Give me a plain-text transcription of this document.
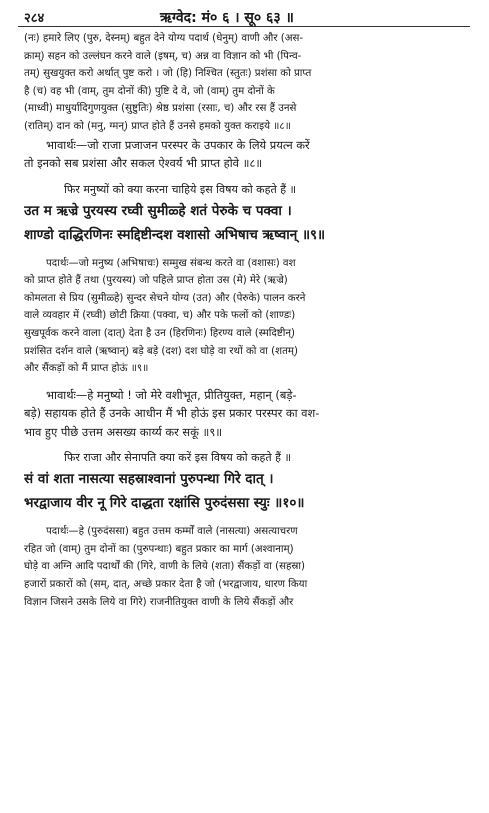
२८४	ऋग्वेद: मं० ६ । सू० ६३ ॥
(नः) हमारे लिए (पुरु, देस्नम्) बहुत देने योग्य पदार्थ (धेनुम्) वाणी और (अस-
क्राम्) सहन को उल्लंघन करने वाले (इषम्, च) अन्न वा विज्ञान को भी (पिन्व-
तम्) सुखयुक्त करो अर्थात् पुष्ट करो । जो (हि) निश्चित (स्तुतः) प्रशंसा को प्राप्त
है (च) वह भी (वाम्, तुम दोनों की) पुष्टि दे वे, जो (वाम्) तुम दोनों के
(माध्वी) माधुर्यादिगुणयुक्त (सुष्टुतिः) श्रेष्ठ प्रशंसा (रसाः, च) और रस हैं उनसे
(रातिम्) दान को (मनु, ग्मन्) प्राप्त होते हैं उनसे हमको युक्त कराइये ॥८॥
भावार्थः—जो राजा प्रजाजन परस्पर के उपकार के लिये प्रयत्न करें
तो इनको सब प्रशंसा और सकल ऐश्वर्य भी प्राप्त होवे ॥८॥
फिर मनुष्यों को क्या करना चाहिये इस विषय को कहते हैं ॥
उत म ऋज्रे पुरयस्य रघ्वी सुमीळ्हे शतं पेरुके च पक्वा ।
शाण्डो दाद्धिरणिनः स्मद्दिष्टीन्दश वशासो अभिषाच ऋष्वान् ॥९॥
पदार्थः—जो मनुष्य (अभिषाचः) सम्मुख संबन्ध करते वा (वशासः) वश
को प्राप्त होते हैं तथा (पुरयस्य) जो पहिले प्राप्त होता उस (मे) मेरे (ऋज्रे)
कोमलता से प्रिय (सुमीळ्हे) सुन्दर सेचने योग्य (उत) और (पेरुके) पालन करने
वाले व्यवहार में (रघ्वी) छोटी क्रिया (पक्वा, च) और पके फलों को (शाण्डः)
सुखपूर्वक करने वाला (दात्) देता है उन (हिरणिनः) हिरण्य वाले (स्मदिष्टीन्)
प्रशंसित दर्शन वाले (ऋष्वान्) बड़े बड़े (दश) दश घोड़े वा रथों को वा (शतम्)
और सैंकड़ों को मैं प्राप्त होऊं ॥९॥
भावार्थः—हे मनुष्यो ! जो मेरे वशीभूत, प्रीतियुक्त, महान् (बड़े-
बड़े) सहायक होते हैं उनके आधीन मैं भी होऊं इस प्रकार परस्पर का वश-
भाव हुए पीछे उत्तम असख्य कार्य्य कर सकूं ॥९॥
फिर राजा और सेनापति क्या करें इस विषय को कहते हैं ॥
सं वां शता नासत्या सहस्राश्वानां पुरुपन्था गिरे दात् ।
भरद्वाजाय वीर नू गिरे दाद्धता रक्षांसि पुरुदंससा स्युः ॥१०॥
पदार्थः—हे (पुरुदंससा) बहुत उत्तम कर्म्मों वाले (नासत्या) असत्याचरण
रहित जो (वाम्) तुम दोनों का (पुरुपन्थाः) बहुत प्रकार का मार्ग (अश्वानाम्)
घोड़े वा अग्नि आदि पदार्थों की (गिरे, वाणी के लिये (शता) सैंकड़ों वा (सहस्रा)
हजारों प्रकारों को (सम्, दात्, अच्छे प्रकार देता है जो (भरद्वाजाय, धारण किया
विज्ञान जिसने उसके लिये वा गिरे) राजनीतियुक्त वाणी के लिये सैंकड़ों और
